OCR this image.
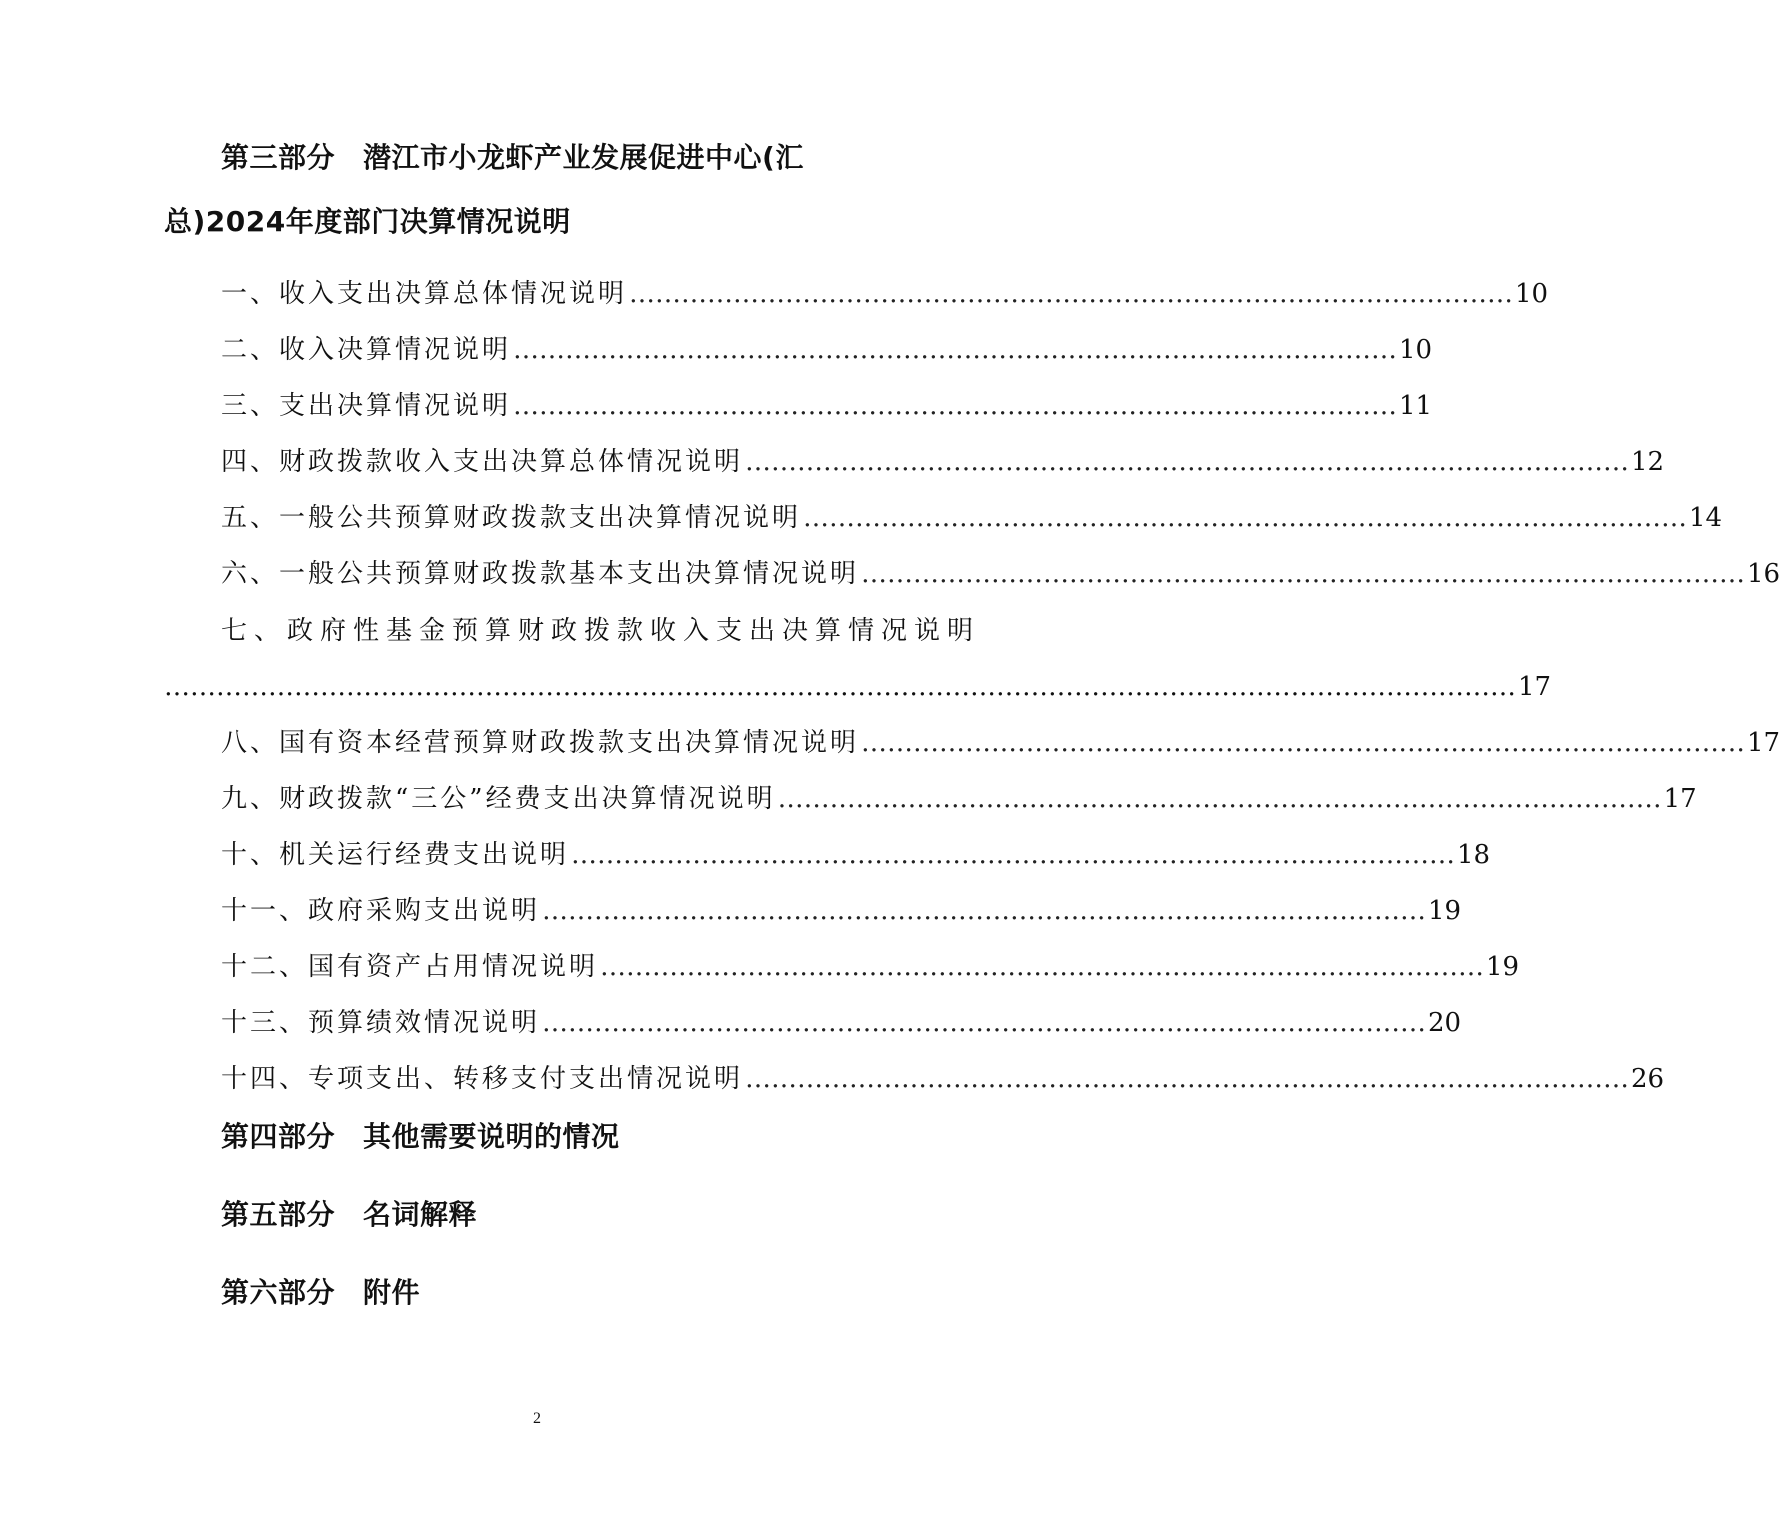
第三部分 潜江市小龙虾产业发展促进中心(汇总)2024年度部门决算情况说明
一、收入支出决算总体情况说明 ………………………………………………………………………………………… 10
二、收入决算情况说明 ………………………………………………………………………………………… 10
三、支出决算情况说明 ………………………………………………………………………………………… 11
四、财政拨款收入支出决算总体情况说明 ………………………………………………………………………………………… 12
五、一般公共预算财政拨款支出决算情况说明 ………………………………………………………………………………………… 14
六、一般公共预算财政拨款基本支出决算情况说明 ………………………………………………………………………………………… 16
七、政府性基金预算财政拨款收入支出决算情况说明
………………………………………………………………………………………………………………………………………… 17
八、国有资本经营预算财政拨款支出决算情况说明 ………………………………………………………………………………………… 17
九、财政拨款“三公”经费支出决算情况说明 ………………………………………………………………………………………… 17
十、机关运行经费支出说明 ………………………………………………………………………………………… 18
十一、政府采购支出说明 ………………………………………………………………………………………… 19
十二、国有资产占用情况说明 ………………………………………………………………………………………… 19
十三、预算绩效情况说明 ………………………………………………………………………………………… 20
十四、专项支出、转移支付支出情况说明 ………………………………………………………………………………………… 26
第四部分 其他需要说明的情况
第五部分 名词解释
第六部分 附件
2
